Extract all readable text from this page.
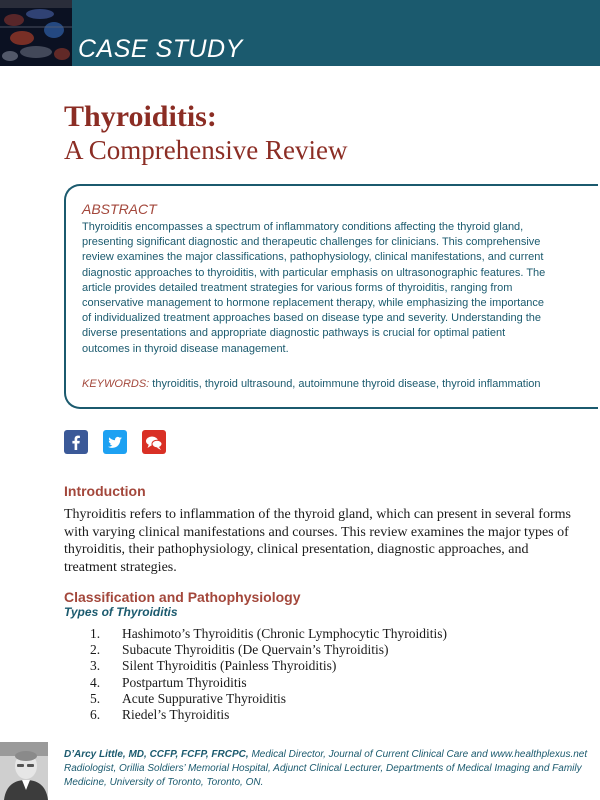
CASE STUDY
Thyroiditis:
A Comprehensive Review
ABSTRACT
Thyroiditis encompasses a spectrum of inflammatory conditions affecting the thyroid gland, presenting significant diagnostic and therapeutic challenges for clinicians. This comprehensive review examines the major classifications, pathophysiology, clinical manifestations, and current diagnostic approaches to thyroiditis, with particular emphasis on ultrasonographic features. The article provides detailed treatment strategies for various forms of thyroiditis, ranging from conservative management to hormone replacement therapy, while emphasizing the importance of individualized treatment approaches based on disease type and severity. Understanding the diverse presentations and appropriate diagnostic pathways is crucial for optimal patient outcomes in thyroid disease management.
KEYWORDS: thyroiditis, thyroid ultrasound, autoimmune thyroid disease, thyroid inflammation
Introduction
Thyroiditis refers to inflammation of the thyroid gland, which can present in several forms with varying clinical manifestations and courses. This review examines the major types of thyroiditis, their pathophysiology, clinical presentation, diagnostic approaches, and treatment strategies.
Classification and Pathophysiology
Types of Thyroiditis
1. Hashimoto’s Thyroiditis (Chronic Lymphocytic Thyroiditis)
2. Subacute Thyroiditis (De Quervain’s Thyroiditis)
3. Silent Thyroiditis (Painless Thyroiditis)
4. Postpartum Thyroiditis
5. Acute Suppurative Thyroiditis
6. Riedel’s Thyroiditis
D’Arcy Little, MD, CCFP, FCFP, FRCPC, Medical Director, Journal of Current Clinical Care and www.healthplexus.net
Radiologist, Orillia Soldiers’ Memorial Hospital, Adjunct Clinical Lecturer, Departments of Medical Imaging and Family Medicine, University of Toronto, Toronto, ON.
